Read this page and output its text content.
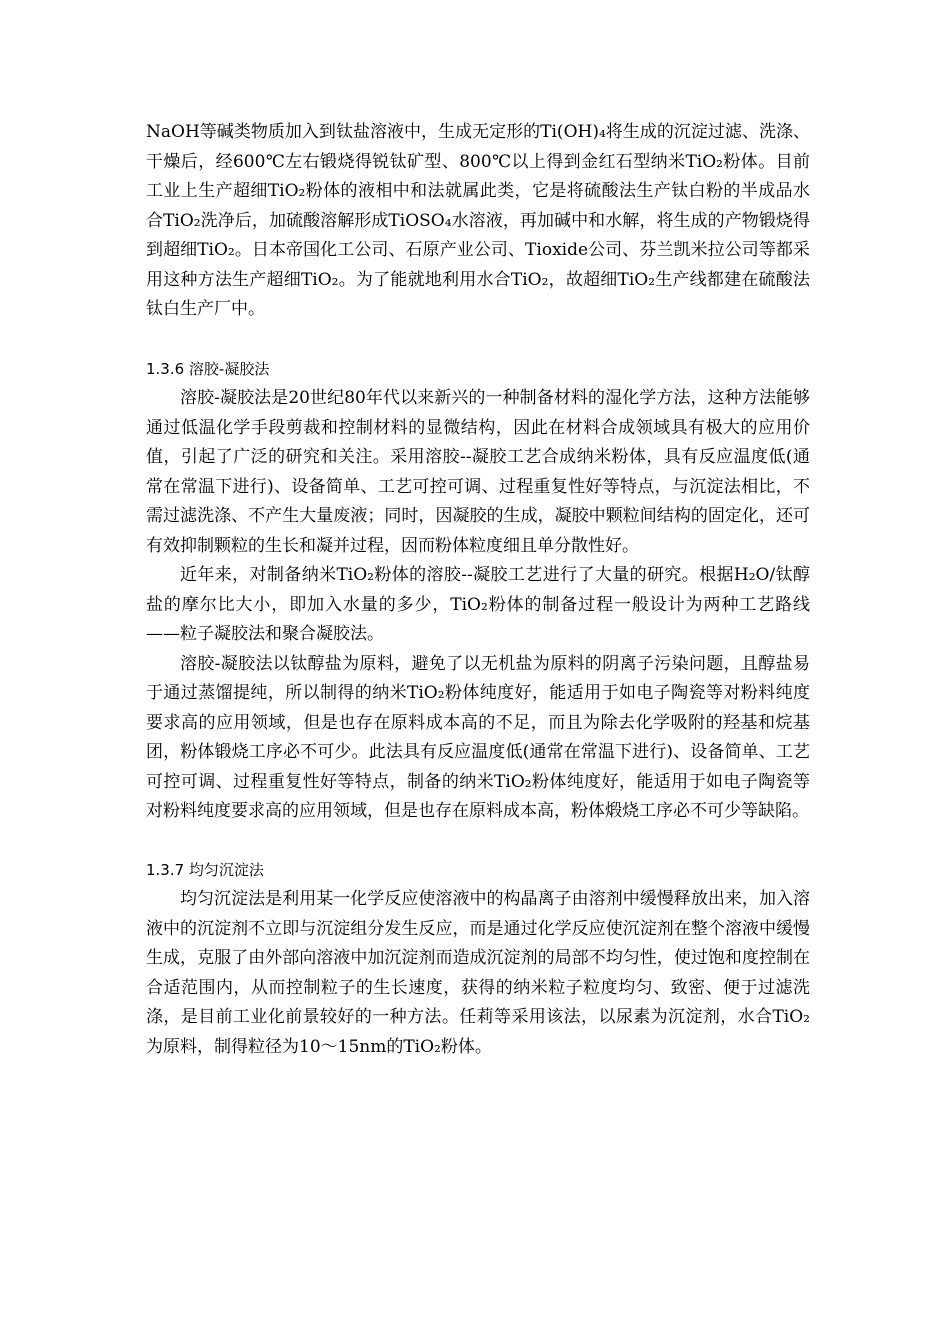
NaOH等碱类物质加入到钛盐溶液中，生成无定形的Ti(OH)₄将生成的沉淀过滤、洗涤、干燥后，经600℃左右锻烧得锐钛矿型、800℃以上得到金红石型纳米TiO₂粉体。目前工业上生产超细TiO₂粉体的液相中和法就属此类，它是将硫酸法生产钛白粉的半成品水合TiO₂洗净后，加硫酸溶解形成TiOSO₄水溶液，再加碱中和水解，将生成的产物锻烧得到超细TiO₂。日本帝国化工公司、石原产业公司、Tioxide公司、芬兰凯米拉公司等都采用这种方法生产超细TiO₂。为了能就地利用水合TiO₂，故超细TiO₂生产线都建在硫酸法钛白生产厂中。

1.3.6 溶胶-凝胶法

溶胶-凝胶法是20世纪80年代以来新兴的一种制备材料的湿化学方法，这种方法能够通过低温化学手段剪裁和控制材料的显微结构，因此在材料合成领域具有极大的应用价值，引起了广泛的研究和关注。采用溶胶--凝胶工艺合成纳米粉体，具有反应温度低(通常在常温下进行)、设备简单、工艺可控可调、过程重复性好等特点，与沉淀法相比，不需过滤洗涤、不产生大量废液；同时，因凝胶的生成，凝胶中颗粒间结构的固定化，还可有效抑制颗粒的生长和凝并过程，因而粉体粒度细且单分散性好。

近年来，对制备纳米TiO₂粉体的溶胶--凝胶工艺进行了大量的研究。根据H₂O/钛醇盐的摩尔比大小，即加入水量的多少，TiO₂粉体的制备过程一般设计为两种工艺路线——粒子凝胶法和聚合凝胶法。

溶胶-凝胶法以钛醇盐为原料，避免了以无机盐为原料的阴离子污染问题，且醇盐易于通过蒸馏提纯，所以制得的纳米TiO₂粉体纯度好，能适用于如电子陶瓷等对粉料纯度要求高的应用领域，但是也存在原料成本高的不足，而且为除去化学吸附的羟基和烷基团，粉体锻烧工序必不可少。此法具有反应温度低(通常在常温下进行)、设备简单、工艺可控可调、过程重复性好等特点，制备的纳米TiO₂粉体纯度好，能适用于如电子陶瓷等对粉料纯度要求高的应用领域，但是也存在原料成本高，粉体煅烧工序必不可少等缺陷。

1.3.7 均匀沉淀法

均匀沉淀法是利用某一化学反应使溶液中的构晶离子由溶剂中缓慢释放出来，加入溶液中的沉淀剂不立即与沉淀组分发生反应，而是通过化学反应使沉淀剂在整个溶液中缓慢生成，克服了由外部向溶液中加沉淀剂而造成沉淀剂的局部不均匀性，使过饱和度控制在合适范围内，从而控制粒子的生长速度，获得的纳米粒子粒度均匀、致密、便于过滤洗涤，是目前工业化前景较好的一种方法。任莉等采用该法，以尿素为沉淀剂，水合TiO₂为原料，制得粒径为10～15nm的TiO₂粉体。
